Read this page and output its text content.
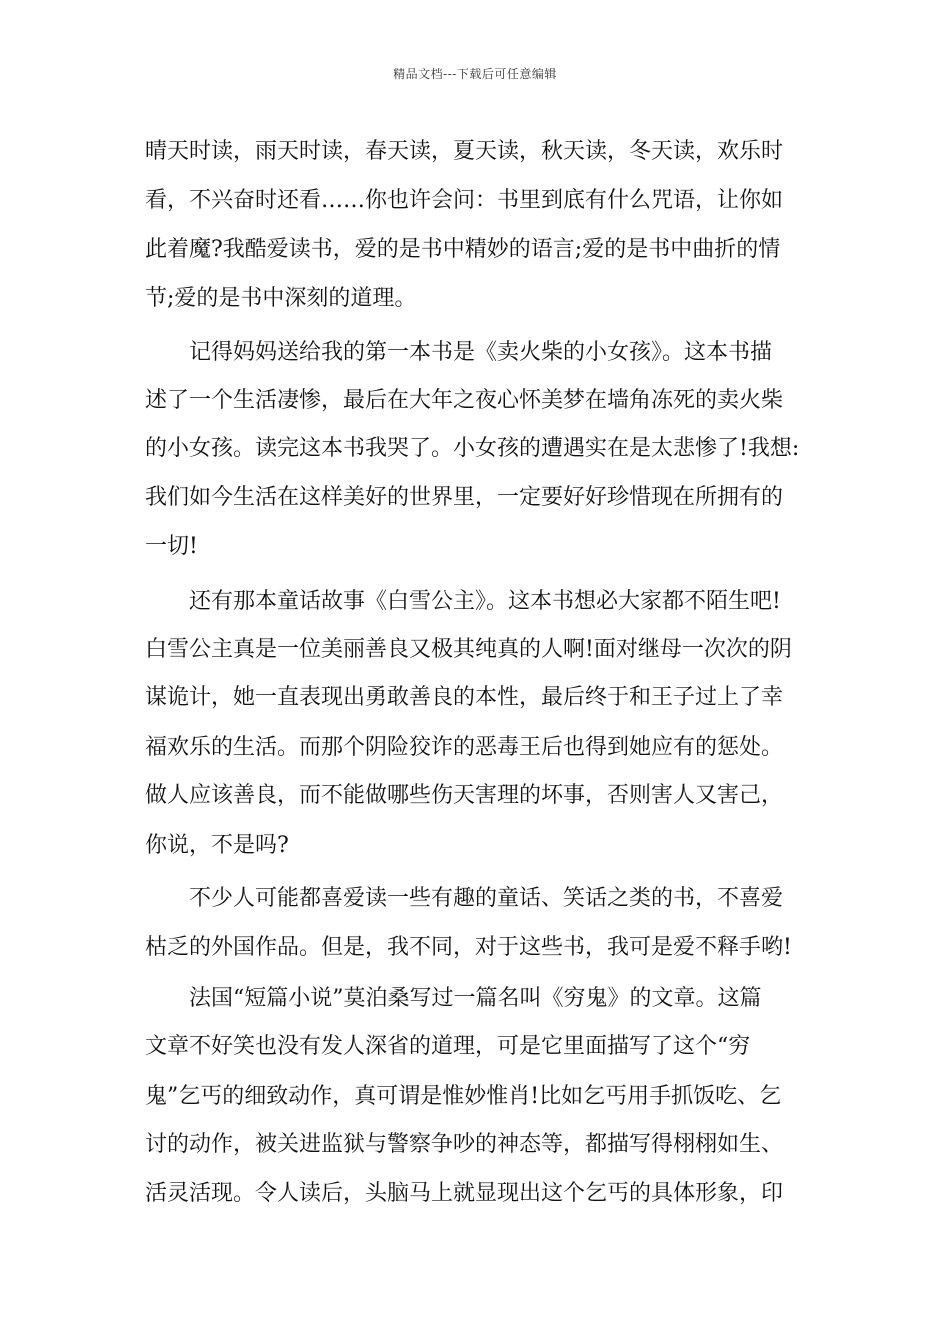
精品文档---下载后可任意编辑
晴天时读，雨天时读，春天读，夏天读，秋天读，冬天读，欢乐时
看，不兴奋时还看……你也许会问：书里到底有什么咒语，让你如
此着魔?我酷爱读书，爱的是书中精妙的语言;爱的是书中曲折的情
节;爱的是书中深刻的道理。
记得妈妈送给我的第一本书是《卖火柴的小女孩》。这本书描
述了一个生活凄惨，最后在大年之夜心怀美梦在墙角冻死的卖火柴
的小女孩。读完这本书我哭了。小女孩的遭遇实在是太悲惨了!我想:
我们如今生活在这样美好的世界里，一定要好好珍惜现在所拥有的
一切!
还有那本童话故事《白雪公主》。这本书想必大家都不陌生吧!
白雪公主真是一位美丽善良又极其纯真的人啊!面对继母一次次的阴
谋诡计，她一直表现出勇敢善良的本性，最后终于和王子过上了幸
福欢乐的生活。而那个阴险狡诈的恶毒王后也得到她应有的惩处。
做人应该善良，而不能做哪些伤天害理的坏事，否则害人又害己，
你说，不是吗?
不少人可能都喜爱读一些有趣的童话、笑话之类的书，不喜爱
枯乏的外国作品。但是，我不同，对于这些书，我可是爱不释手哟!
法国“短篇小说”莫泊桑写过一篇名叫《穷鬼》的文章。这篇
文章不好笑也没有发人深省的道理，可是它里面描写了这个“穷
鬼”乞丐的细致动作，真可谓是惟妙惟肖!比如乞丐用手抓饭吃、乞
讨的动作，被关进监狱与警察争吵的神态等，都描写得栩栩如生、
活灵活现。令人读后，头脑马上就显现出这个乞丐的具体形象，印
